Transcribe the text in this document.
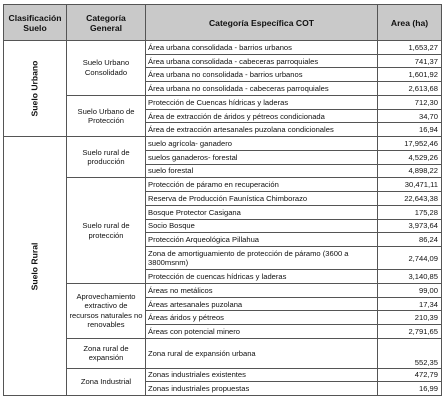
Clasificación Suelo	Categoría General	Categoría Específica COT	Area (ha)
Suelo Urbano	Suelo Urbano Consolidado	Área urbana consolidada - barrios urbanos	1,653,27
		Área urbana consolidada - cabeceras parroquiales	741,37
		Área urbana no consolidada - barrios urbanos	1,601,92
		Área urbana no consolidada - cabeceras parroquiales	2,613,68
	Suelo Urbano de Protección	Protección de Cuencas hídricas y laderas	712,30
		Área de extracción de áridos y pétreos condicionada	34,70
		Área de extracción artesanales puzolana condicionales	16,94
Suelo Rural	Suelo rural de producción	suelo agrícola- ganadero	17,952,46
		suelos ganaderos- forestal	4,529,26
		suelo forestal	4,898,22
	Suelo rural de protección	Protección de páramo en recuperación	30,471,11
		Reserva de Producción Faunística Chimborazo	22,643,38
		Bosque Protector Casigana	175,28
		Socio Bosque	3,973,64
		Protección Arqueológica Pillahua	86,24
		Zona de amortiguamiento de protección de páramo (3600 a 3800msnm)	2,744,09
		Protección de cuencas hídricas y laderas	3,140,85
	Aprovechamiento extractivo de recursos naturales no renovables	Áreas no metálicos	99,00
		Áreas artesanales puzolana	17,34
		Áreas áridos y pétreos	210,39
		Áreas con potencial minero	2,791,65
	Zona rural de expansión	Zona rural de expansión urbana	552,35
	Zona Industrial	Zonas industriales existentes	472,79
		Zonas industriales propuestas	16,99
